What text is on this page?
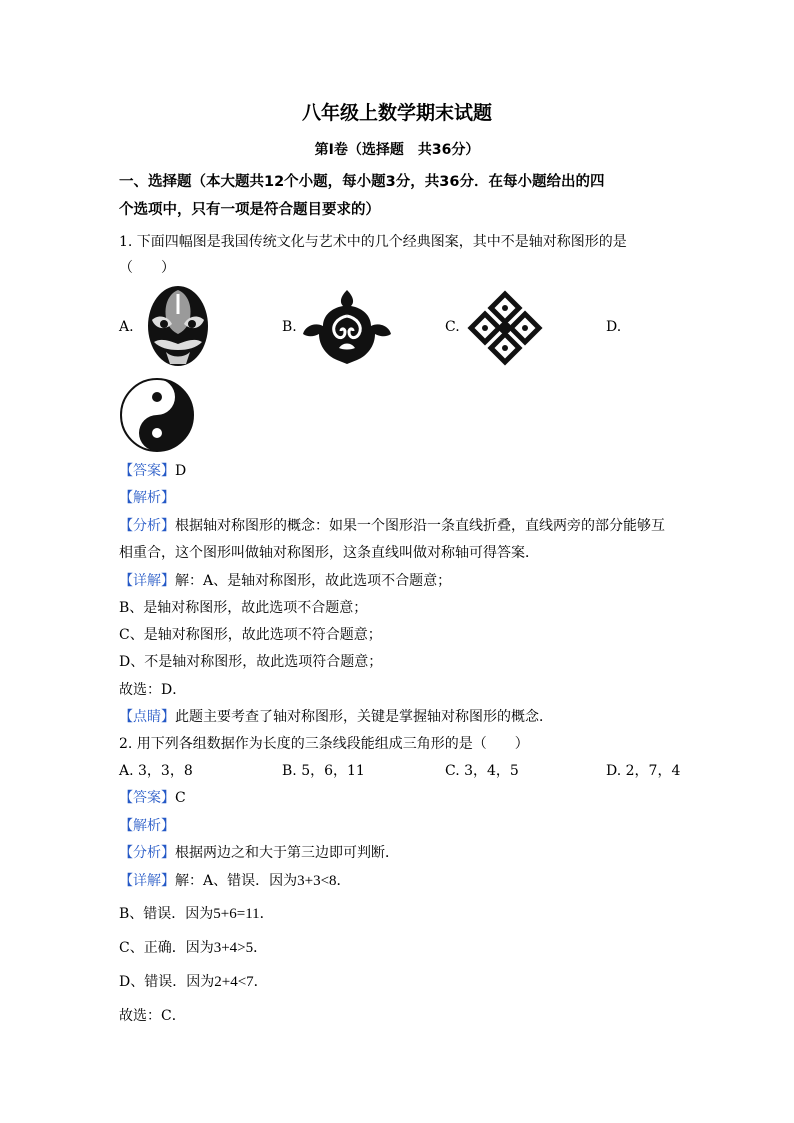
八年级上数学期末试题
第Ⅰ卷（选择题　共36分）
一、选择题（本大题共12个小题，每小题3分，共36分．在每小题给出的四
个选项中，只有一项是符合题目要求的）
1. 下面四幅图是我国传统文化与艺术中的几个经典图案，其中不是轴对称图形的是
（　　）
A.	B.	C.	D.
【答案】D
【解析】
【分析】根据轴对称图形的概念：如果一个图形沿一条直线折叠，直线两旁的部分能够互
相重合，这个图形叫做轴对称图形，这条直线叫做对称轴可得答案．
【详解】解：A、是轴对称图形，故此选项不合题意；
B、是轴对称图形，故此选项不合题意；
C、是轴对称图形，故此选项不符合题意；
D、不是轴对称图形，故此选项符合题意；
故选：D．
【点睛】此题主要考查了轴对称图形，关键是掌握轴对称图形的概念．
2. 用下列各组数据作为长度的三条线段能组成三角形的是（　　）
A. 3，3，8	B. 5，6，11	C. 3，4，5	D. 2，7，4
【答案】C
【解析】
【分析】根据两边之和大于第三边即可判断．
【详解】解：A、错误．因为3+3<8．
B、错误．因为5+6=11．
C、正确．因为3+4>5．
D、错误．因为2+4<7．
故选：C．
